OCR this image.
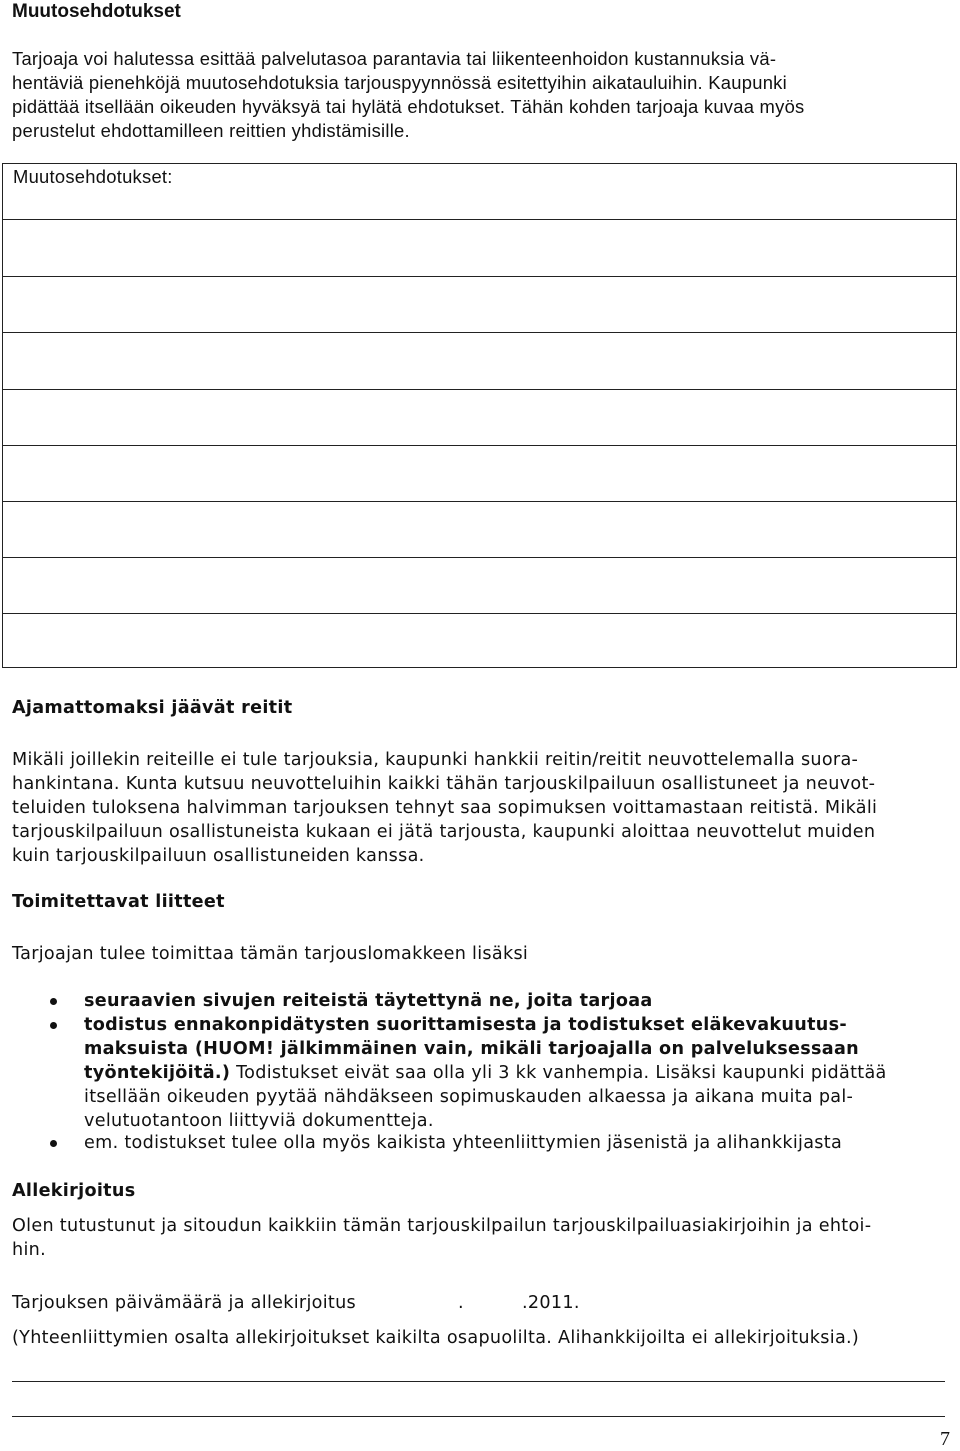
Muutosehdotukset
Tarjoaja voi halutessa esittää palvelutasoa parantavia tai liikenteenhoidon kustannuksia vä-
hentäviä pienehköjä muutosehdotuksia tarjouspyynnössä esitettyihin aikatauluihin. Kaupunki
pidättää itsellään oikeuden hyväksyä tai hylätä ehdotukset. Tähän kohden tarjoaja kuvaa myös
perustelut ehdottamilleen reittien yhdistämisille.
Muutosehdotukset:
Ajamattomaksi jäävät reitit
Mikäli joillekin reiteille ei tule tarjouksia, kaupunki hankkii reitin/reitit neuvottelemalla suora-
hankintana. Kunta kutsuu neuvotteluihin kaikki tähän tarjouskilpailuun osallistuneet ja neuvot-
teluiden tuloksena halvimman tarjouksen tehnyt saa sopimuksen voittamastaan reitistä. Mikäli
tarjouskilpailuun osallistuneista kukaan ei jätä tarjousta, kaupunki aloittaa neuvottelut muiden
kuin tarjouskilpailuun osallistuneiden kanssa.
Toimitettavat liitteet
Tarjoajan tulee toimittaa tämän tarjouslomakkeen lisäksi
seuraavien sivujen reiteistä täytettynä ne, joita tarjoaa
todistus ennakonpidätysten suorittamisesta ja todistukset eläkevakuutus-
maksuista (HUOM! jälkimmäinen vain, mikäli tarjoajalla on palveluksessaan
työntekijöitä.) Todistukset eivät saa olla yli 3 kk vanhempia. Lisäksi kaupunki pidättää
itsellään oikeuden pyytää nähdäkseen sopimuskauden alkaessa ja aikana muita pal-
velutuotantoon liittyviä dokumentteja.
em. todistukset tulee olla myös kaikista yhteenliittymien jäsenistä ja alihankkijasta
Allekirjoitus
Olen tutustunut ja sitoudun kaikkiin tämän tarjouskilpailun tarjouskilpailuasiakirjoihin ja ehtoi-
hin.
Tarjouksen päivämäärä ja allekirjoitus	.	.2011.
(Yhteenliittymien osalta allekirjoitukset kaikilta osapuolilta. Alihankkijoilta ei allekirjoituksia.)
7
